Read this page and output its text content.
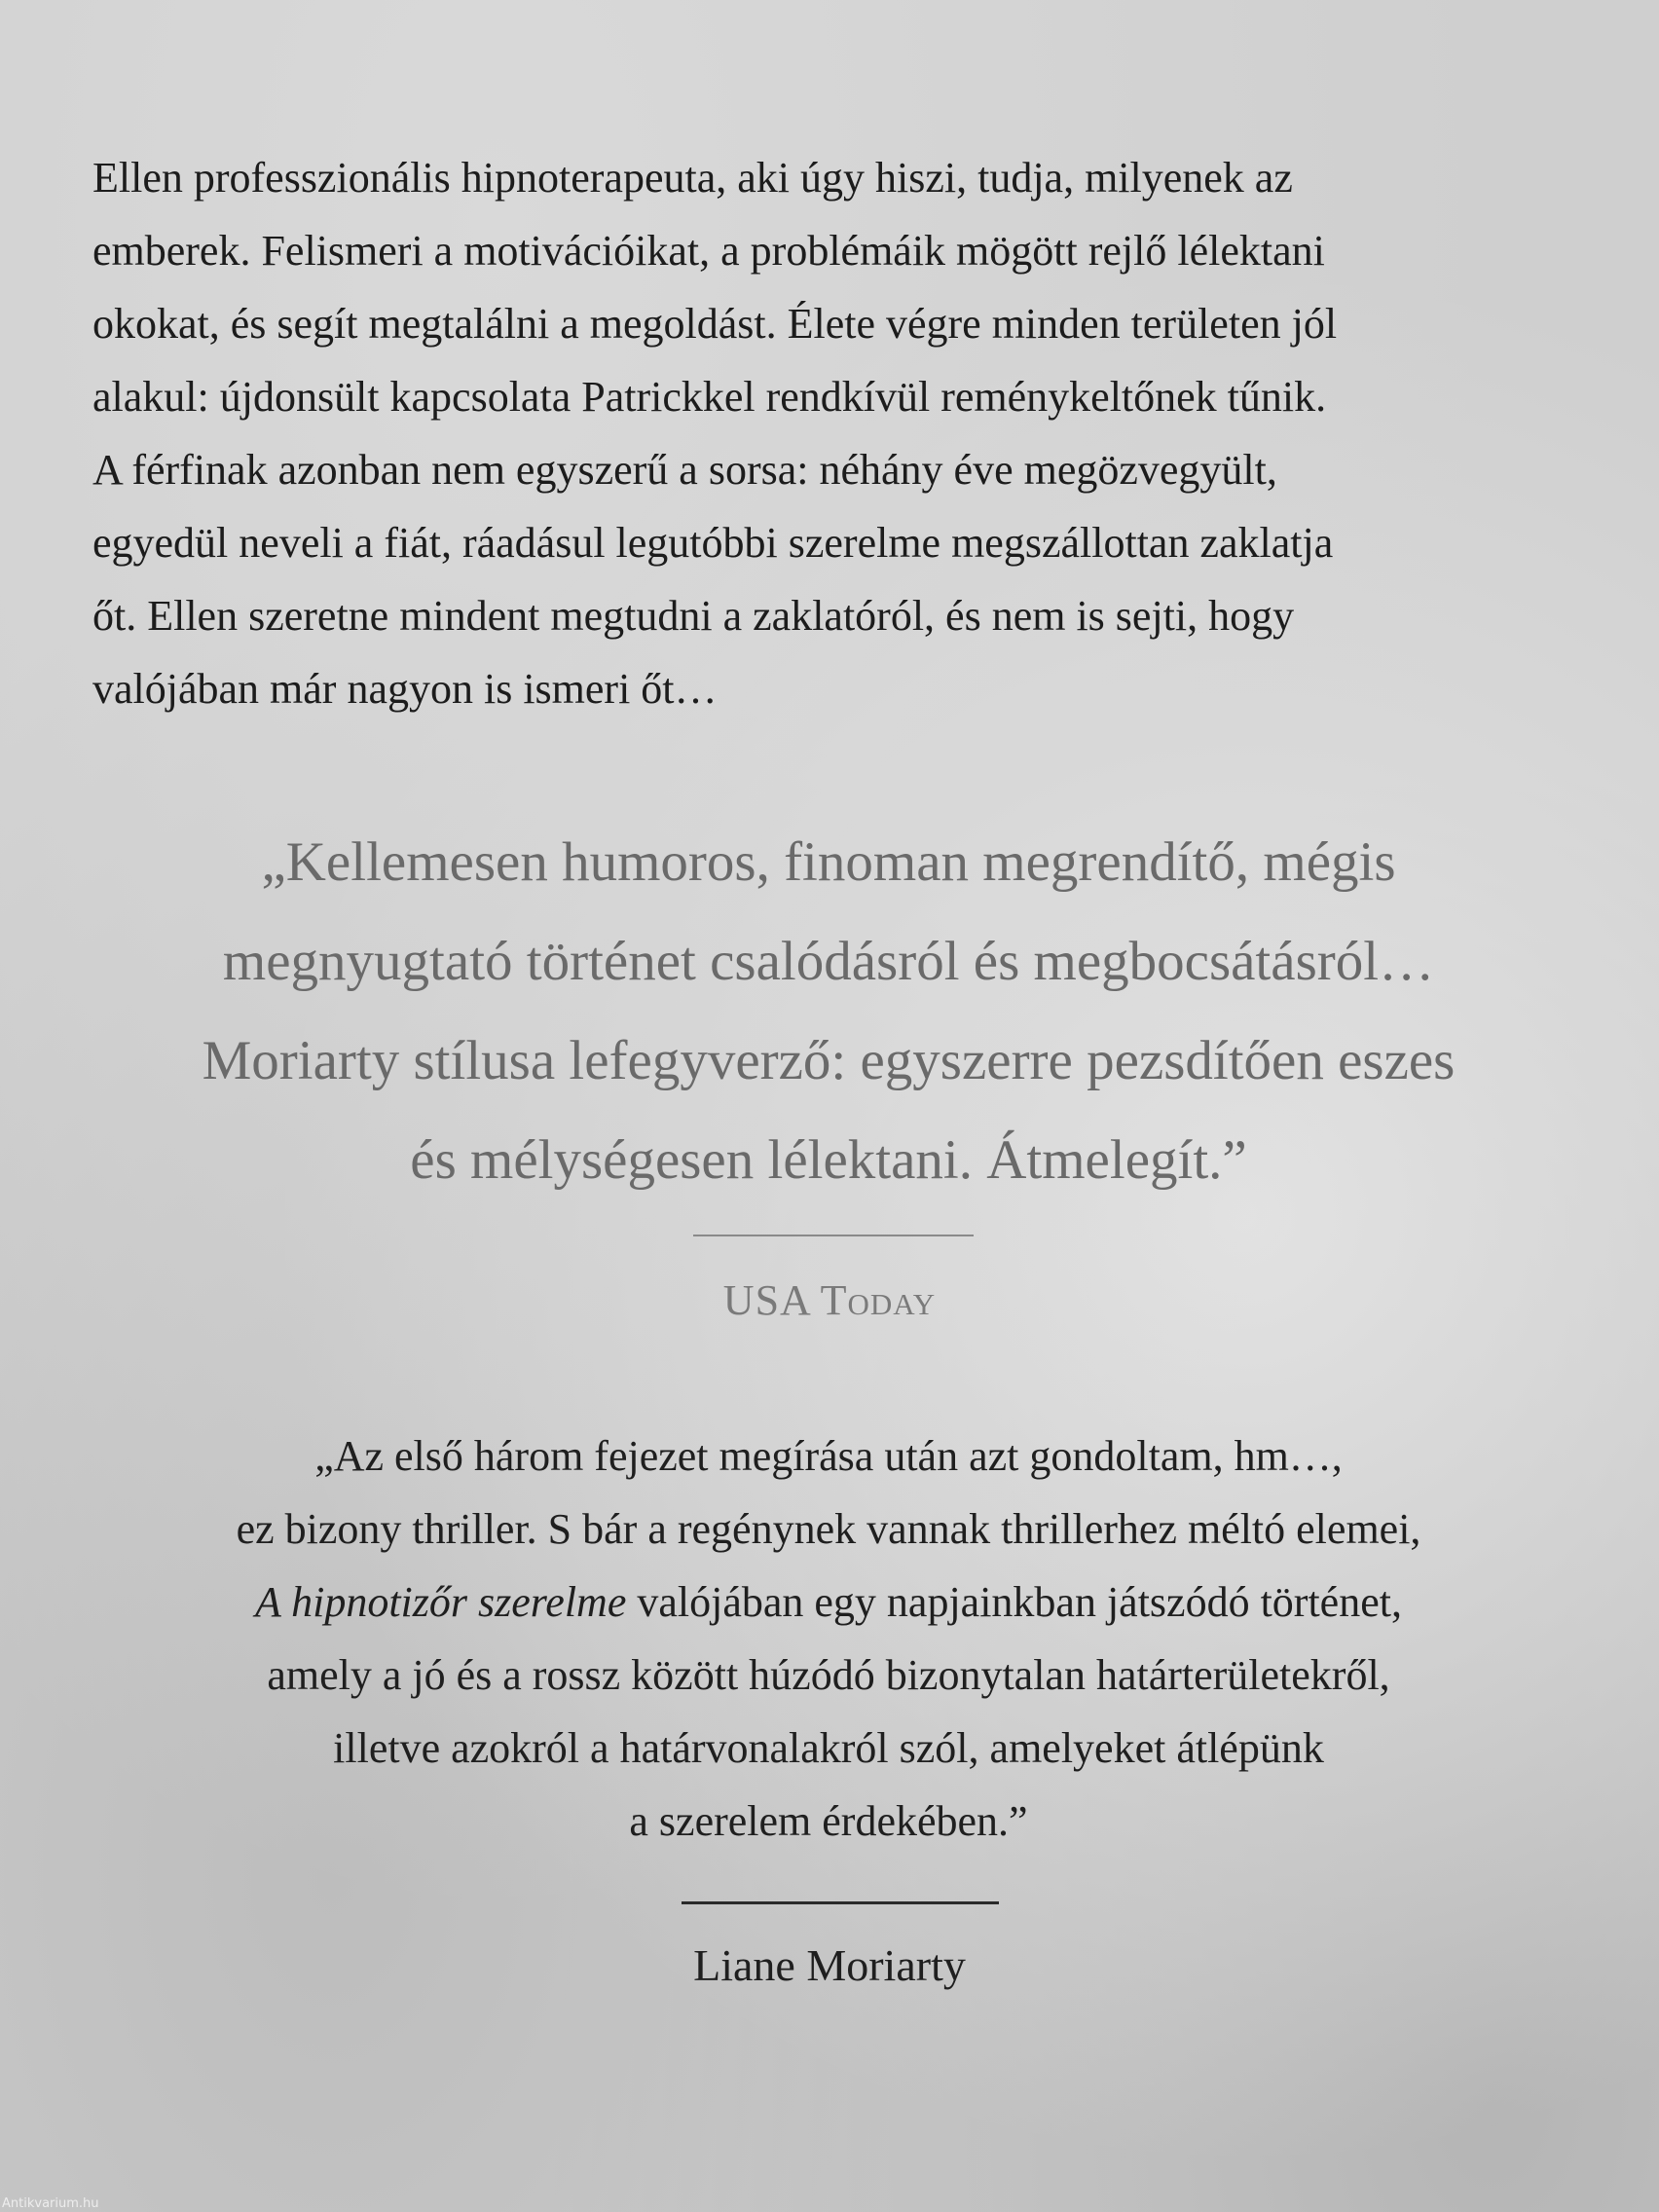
Ellen professzionális hipnoterapeuta, aki úgy hiszi, tudja, milyenek az
emberek. Felismeri a motivációikat, a problémáik mögött rejlő lélektani
okokat, és segít megtalálni a megoldást. Élete végre minden területen jól
alakul: újdonsült kapcsolata Patrickkel rendkívül reménykeltőnek tűnik.
A férfinak azonban nem egyszerű a sorsa: néhány éve megözvegyült,
egyedül neveli a fiát, ráadásul legutóbbi szerelme megszállottan zaklatja
őt. Ellen szeretne mindent megtudni a zaklatóról, és nem is sejti, hogy
valójában már nagyon is ismeri őt…
„Kellemesen humoros, finoman megrendítő, mégis
megnyugtató történet csalódásról és megbocsátásról…
Moriarty stílusa lefegyverző: egyszerre pezsdítően eszes
és mélységesen lélektani. Átmelegít.”
USA Today
„Az első három fejezet megírása után azt gondoltam, hm…,
ez bizony thriller. S bár a regénynek vannak thrillerhez méltó elemei,
A hipnotizőr szerelme valójában egy napjainkban játszódó történet,
amely a jó és a rossz között húzódó bizonytalan határterületekről,
illetve azokról a határvonalakról szól, amelyeket átlépünk
a szerelem érdekében.”
Liane Moriarty
Antikvarium.hu
